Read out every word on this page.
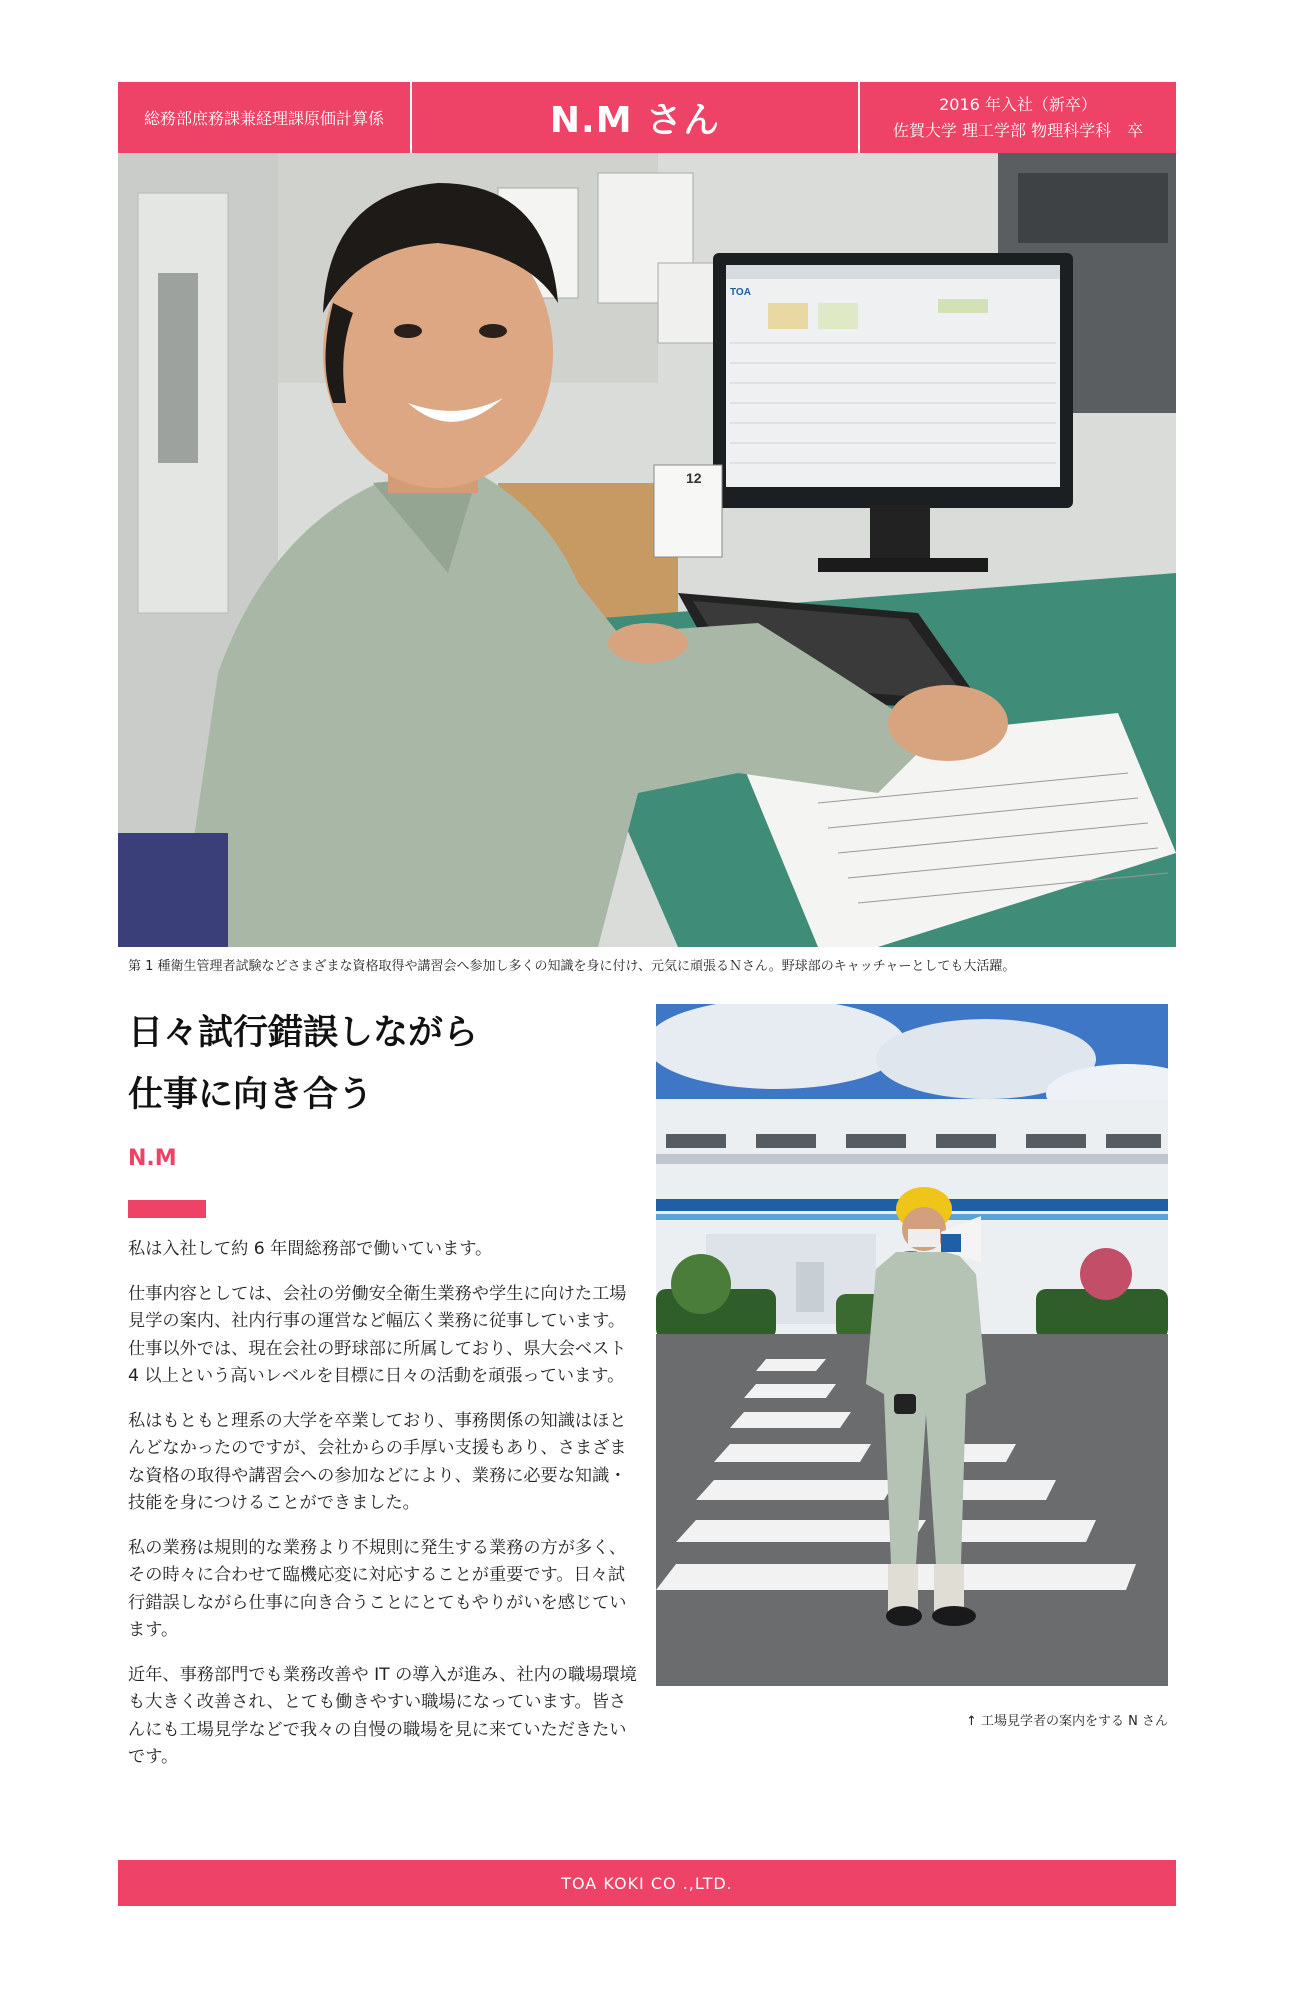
総務部庶務課兼経理課原価計算係	N.M さん	2016 年入社（新卒）
佐賀大学 理工学部 物理科学科　卒
TOA
12
第 1 種衛生管理者試験などさまざまな資格取得や講習会へ参加し多くの知識を身に付け、元気に頑張るＮさん。野球部のキャッチャーとしても大活躍。
日々試行錯誤しながら
仕事に向き合う
N.M

私は入社して約 6 年間総務部で働いています。

仕事内容としては、会社の労働安全衛生業務や学生に向けた工場見学の案内、社内行事の運営など幅広く業務に従事しています。仕事以外では、現在会社の野球部に所属しており、県大会ベスト 4 以上という高いレベルを目標に日々の活動を頑張っています。

私はもともと理系の大学を卒業しており、事務関係の知識はほとんどなかったのですが、会社からの手厚い支援もあり、さまざまな資格の取得や講習会への参加などにより、業務に必要な知識・技能を身につけることができました。

私の業務は規則的な業務より不規則に発生する業務の方が多く、その時々に合わせて臨機応変に対応することが重要です。日々試行錯誤しながら仕事に向き合うことにとてもやりがいを感じています。

近年、事務部門でも業務改善や IT の導入が進み、社内の職場環境も大きく改善され、とても働きやすい職場になっています。皆さんにも工場見学などで我々の自慢の職場を見に来ていただきたいです。

↑ 工場見学者の案内をする N さん
TOA KOKI CO .,LTD.
